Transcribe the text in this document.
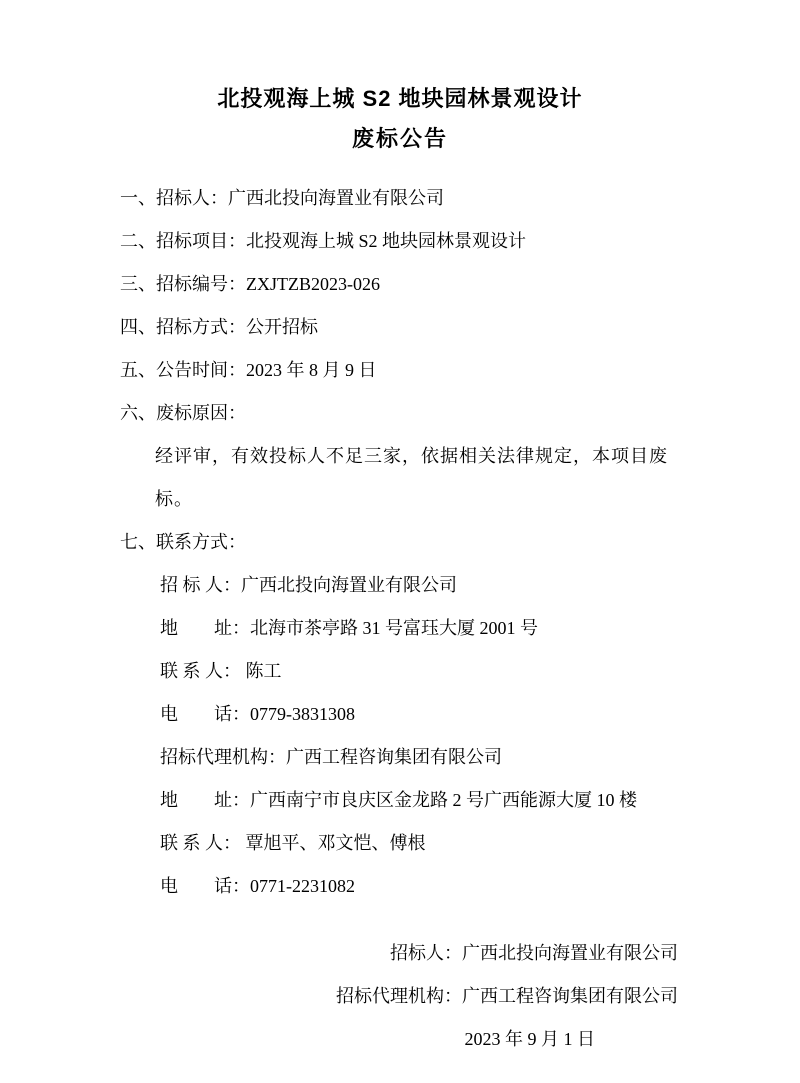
北投观海上城 S2 地块园林景观设计
废标公告

一、招标人：广西北投向海置业有限公司

二、招标项目：北投观海上城 S2 地块园林景观设计

三、招标编号：ZXJTZB2023-026

四、招标方式：公开招标

五、公告时间：2023 年 8 月 9 日

六、废标原因：

经评审，有效投标人不足三家，依据相关法律规定，本项目废标。

七、联系方式：

招 标 人：广西北投向海置业有限公司

地　　址：北海市茶亭路 31 号富珏大厦 2001 号

联 系 人： 陈工

电　　话：0779-3831308

招标代理机构：广西工程咨询集团有限公司

地　　址：广西南宁市良庆区金龙路 2 号广西能源大厦 10 楼

联 系 人： 覃旭平、邓文恺、傅根

电　　话：0771-2231082

招标人：广西北投向海置业有限公司

招标代理机构：广西工程咨询集团有限公司

2023 年 9 月 1 日
